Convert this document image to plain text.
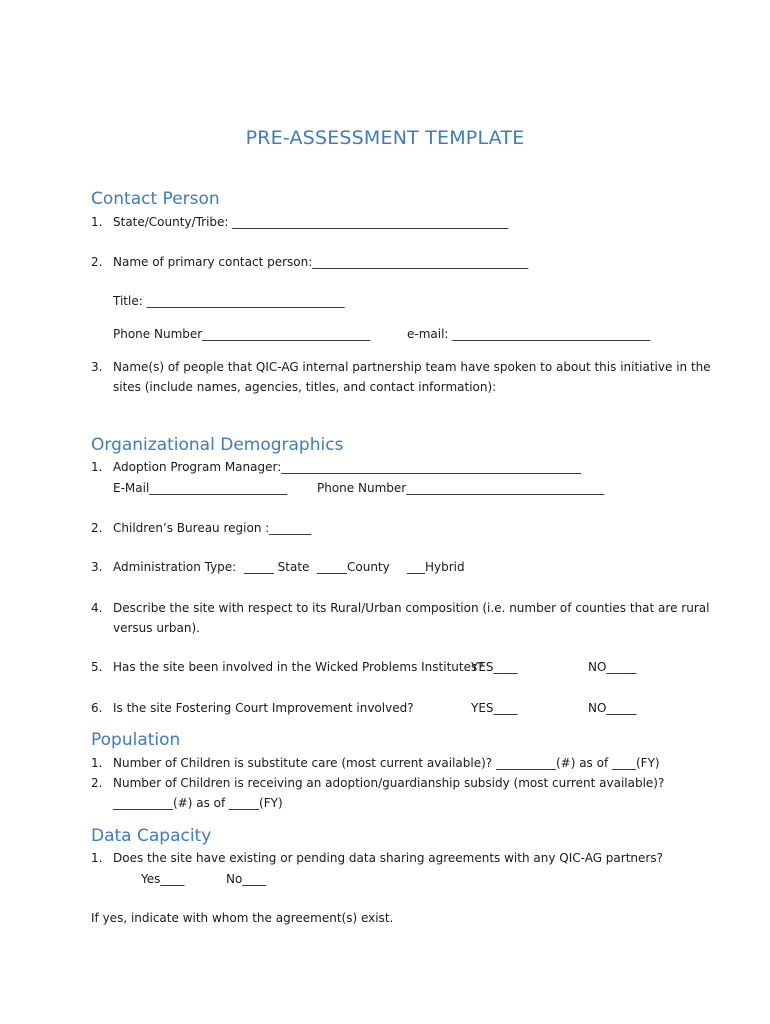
PRE-ASSESSMENT TEMPLATE
Contact Person
1. State/County/Tribe: ______________________________________________
2. Name of primary contact person:____________________________________
Title: _________________________________
Phone Number____________________________	e-mail: _________________________________
3. Name(s) of people that QIC-AG internal partnership team have spoken to about this initiative in the
sites (include names, agencies, titles, and contact information):
Organizational Demographics
1. Adoption Program Manager:__________________________________________________
E-Mail_______________________ Phone Number_________________________________
2. Children’s Bureau region :_______
3. Administration Type:  _____ State _____County ___Hybrid
4. Describe the site with respect to its Rural/Urban composition (i.e. number of counties that are rural
versus urban).
5. Has the site been involved in the Wicked Problems Institutes?
YES____	NO_____
6. Is the site Fostering Court Improvement involved?	YES____	NO_____
Population
1. Number of Children is substitute care (most current available)? __________(#) as of ____(FY)
2. Number of Children is receiving an adoption/guardianship subsidy (most current available)?
__________(#) as of _____(FY)
Data Capacity
1. Does the site have existing or pending data sharing agreements with any QIC-AG partners?
Yes____	No____
If yes, indicate with whom the agreement(s) exist.
